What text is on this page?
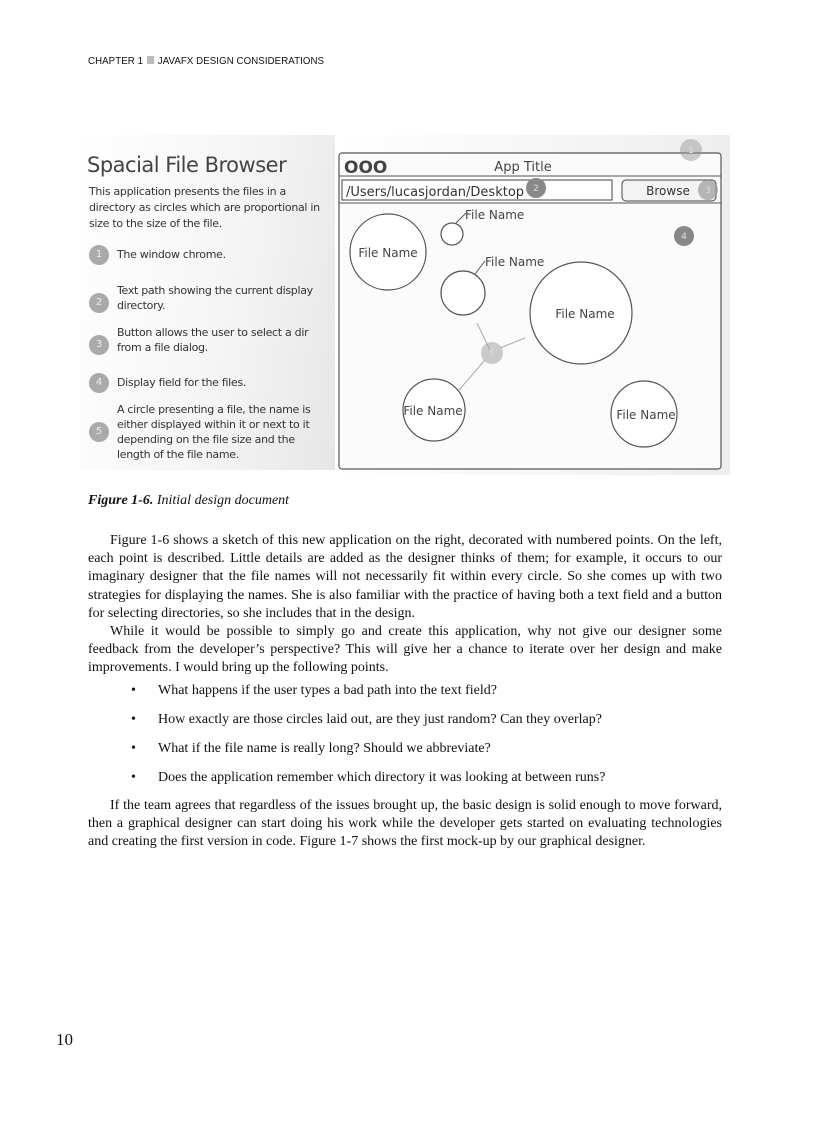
CHAPTER 1 JAVAFX DESIGN CONSIDERATIONS
Spacial File Browser
This application presents the files in a directory as circles which are proportional in size to the size of the file.
1	The window chrome.
2
Text path showing the current display directory.
3
Button allows the user to select a dir from a file dialog.
4	Display field for the files.
5
A circle presenting a file, the name is either displayed within it or next to it depending on the file size and the length of the file name.
OOO	App Title
/Users/lucasjordan/Desktop	Browse
File Name
File Name
File Name
File Name
File Name	File Name
1
2	3
4
5
Figure 1-6. Initial design document

Figure 1-6 shows a sketch of this new application on the right, decorated with numbered points. On the left, each point is described. Little details are added as the designer thinks of them; for example, it occurs to our imaginary designer that the file names will not necessarily fit within every circle. So she comes up with two strategies for displaying the names. She is also familiar with the practice of having both a text field and a button for selecting directories, so she includes that in the design.

While it would be possible to simply go and create this application, why not give our designer some feedback from the developer’s perspective? This will give her a chance to iterate over her design and make improvements. I would bring up the following points.

• What happens if the user types a bad path into the text field?
• How exactly are those circles laid out, are they just random? Can they overlap?
• What if the file name is really long? Should we abbreviate?
• Does the application remember which directory it was looking at between runs?

If the team agrees that regardless of the issues brought up, the basic design is solid enough to move forward, then a graphical designer can start doing his work while the developer gets started on evaluating technologies and creating the first version in code. Figure 1-7 shows the first mock-up by our graphical designer.

10
